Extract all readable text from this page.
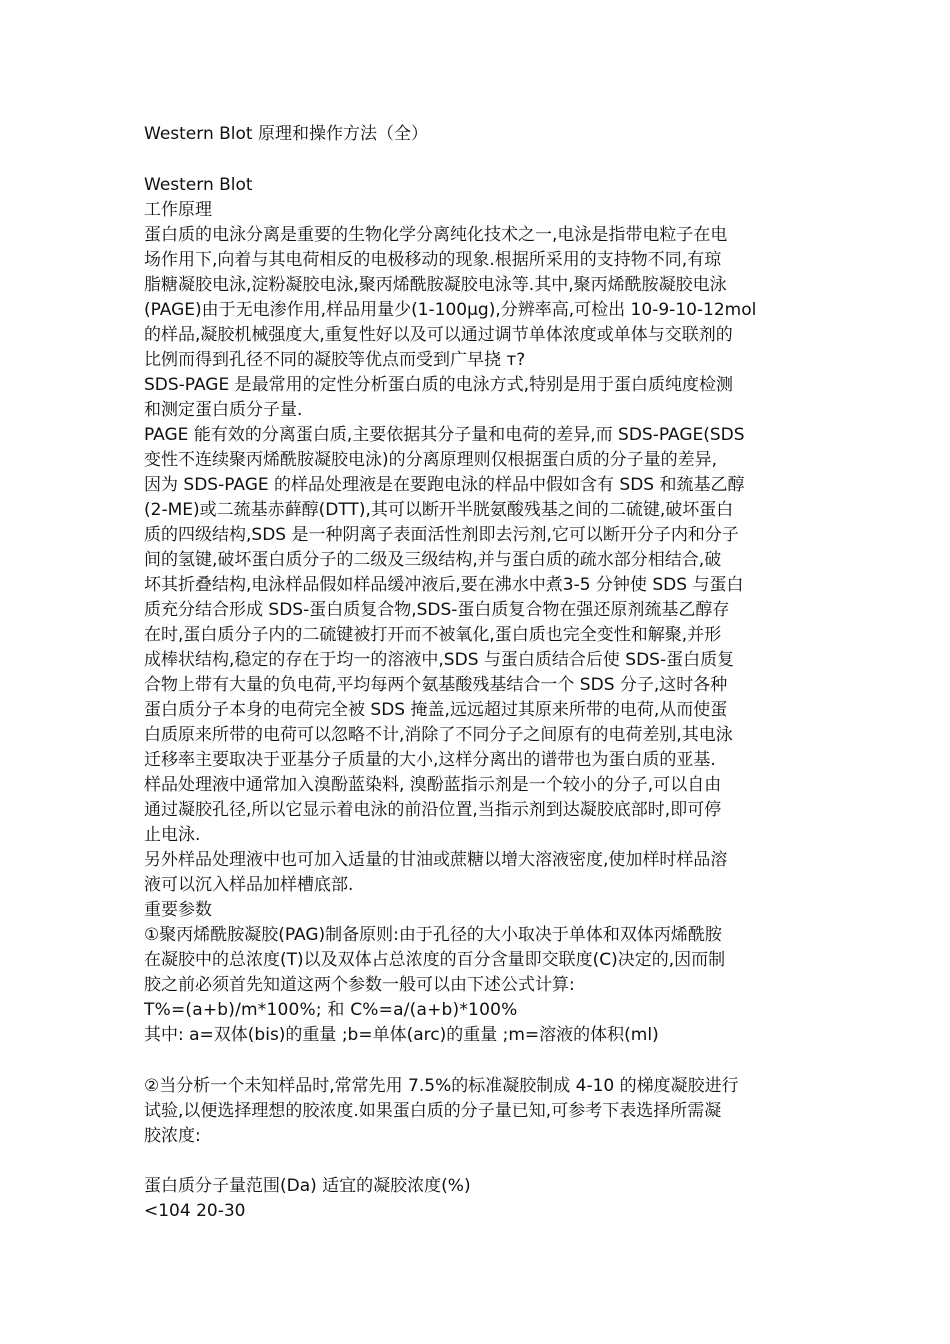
Western Blot 原理和操作方法（全）
Western Blot
工作原理
蛋白质的电泳分离是重要的生物化学分离纯化技术之一,电泳是指带电粒子在电
场作用下,向着与其电荷相反的电极移动的现象.根据所采用的支持物不同,有琼
脂糖凝胶电泳,淀粉凝胶电泳,聚丙烯酰胺凝胶电泳等.其中,聚丙烯酰胺凝胶电泳
(PAGE)由于无电渗作用,样品用量少(1-100μg),分辨率高,可检出 10-9-10-12mol
的样品,凝胶机械强度大,重复性好以及可以通过调节单体浓度或单体与交联剂的
比例而得到孔径不同的凝胶等优点而受到广早挠 т?
SDS-PAGE 是最常用的定性分析蛋白质的电泳方式,特别是用于蛋白质纯度检测
和测定蛋白质分子量.
PAGE 能有效的分离蛋白质,主要依据其分子量和电荷的差异,而 SDS-PAGE(SDS
变性不连续聚丙烯酰胺凝胶电泳)的分离原理则仅根据蛋白质的分子量的差异,
因为 SDS-PAGE 的样品处理液是在要跑电泳的样品中假如含有 SDS 和巯基乙醇
(2-ME)或二巯基赤藓醇(DTT),其可以断开半胱氨酸残基之间的二硫键,破坏蛋白
质的四级结构,SDS 是一种阴离子表面活性剂即去污剂,它可以断开分子内和分子
间的氢键,破坏蛋白质分子的二级及三级结构,并与蛋白质的疏水部分相结合,破
坏其折叠结构,电泳样品假如样品缓冲液后,要在沸水中煮3-5 分钟使 SDS 与蛋白
质充分结合形成 SDS-蛋白质复合物,SDS-蛋白质复合物在强还原剂巯基乙醇存
在时,蛋白质分子内的二硫键被打开而不被氧化,蛋白质也完全变性和解聚,并形
成棒状结构,稳定的存在于均一的溶液中,SDS 与蛋白质结合后使 SDS-蛋白质复
合物上带有大量的负电荷,平均每两个氨基酸残基结合一个 SDS 分子,这时各种
蛋白质分子本身的电荷完全被 SDS 掩盖,远远超过其原来所带的电荷,从而使蛋
白质原来所带的电荷可以忽略不计,消除了不同分子之间原有的电荷差别,其电泳
迁移率主要取决于亚基分子质量的大小,这样分离出的谱带也为蛋白质的亚基.
样品处理液中通常加入溴酚蓝染料, 溴酚蓝指示剂是一个较小的分子,可以自由
通过凝胶孔径,所以它显示着电泳的前沿位置,当指示剂到达凝胶底部时,即可停
止电泳.
另外样品处理液中也可加入适量的甘油或蔗糖以增大溶液密度,使加样时样品溶
液可以沉入样品加样槽底部.
重要参数
①聚丙烯酰胺凝胶(PAG)制备原则:由于孔径的大小取决于单体和双体丙烯酰胺
在凝胶中的总浓度(T)以及双体占总浓度的百分含量即交联度(C)决定的,因而制
胶之前必须首先知道这两个参数一般可以由下述公式计算:
T%=(a+b)/m*100%; 和 C%=a/(a+b)*100%
其中: a=双体(bis)的重量 ;b=单体(arc)的重量 ;m=溶液的体积(ml)
②当分析一个未知样品时,常常先用 7.5%的标准凝胶制成 4-10 的梯度凝胶进行
试验,以便选择理想的胶浓度.如果蛋白质的分子量已知,可参考下表选择所需凝
胶浓度:
蛋白质分子量范围(Da) 适宜的凝胶浓度(%)
<104 20-30
